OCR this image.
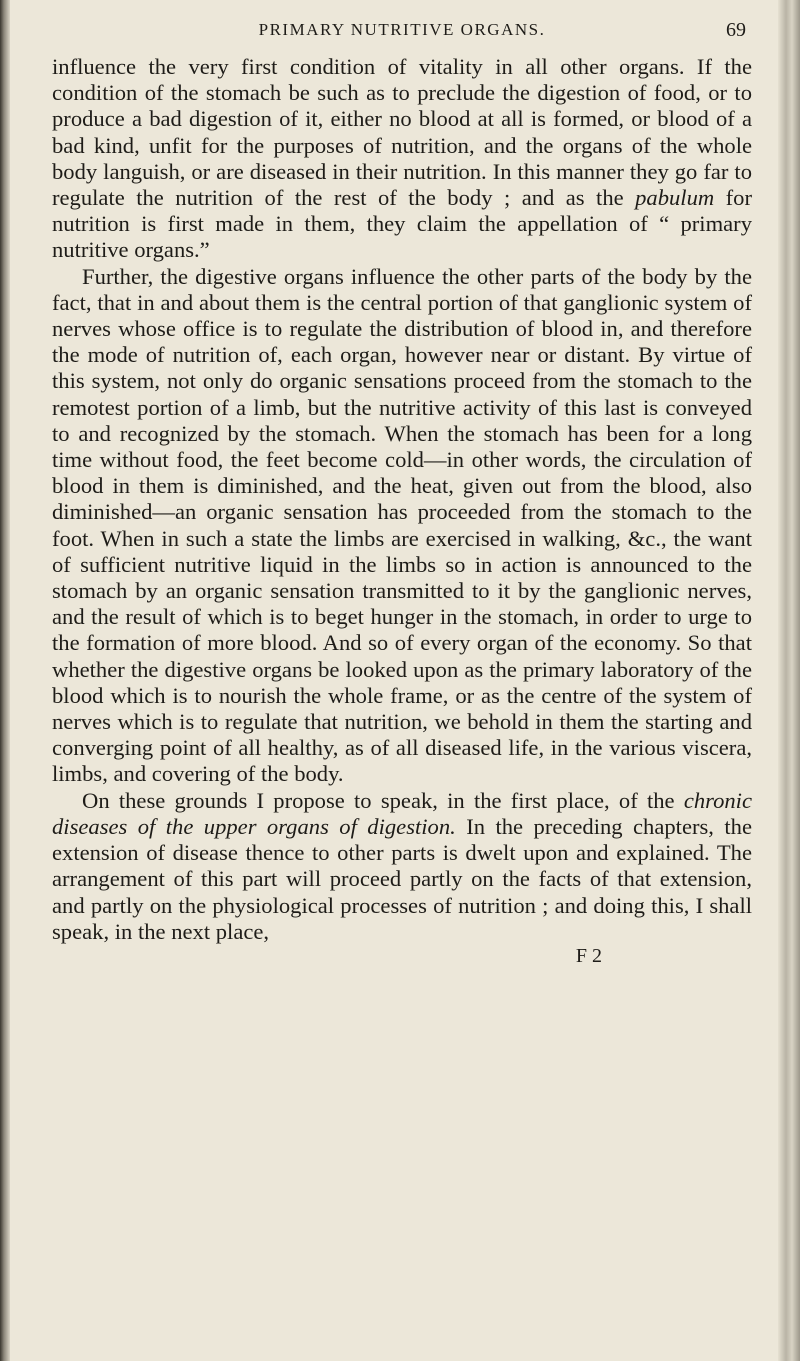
PRIMARY NUTRITIVE ORGANS.	69

influence the very first condition of vitality in all other organs. If the condition of the stomach be such as to preclude the digestion of food, or to produce a bad digestion of it, either no blood at all is formed, or blood of a bad kind, unfit for the purposes of nutrition, and the organs of the whole body languish, or are diseased in their nutrition. In this manner they go far to regulate the nutrition of the rest of the body ; and as the pabulum for nutrition is first made in them, they claim the appellation of “ primary nutritive organs.”

Further, the digestive organs influence the other parts of the body by the fact, that in and about them is the central portion of that ganglionic system of nerves whose office is to regulate the distribution of blood in, and therefore the mode of nutrition of, each organ, however near or distant. By virtue of this system, not only do organic sensations proceed from the stomach to the remotest portion of a limb, but the nutritive activity of this last is conveyed to and recognized by the stomach. When the stomach has been for a long time without food, the feet become cold—in other words, the circulation of blood in them is diminished, and the heat, given out from the blood, also diminished—an organic sensation has proceeded from the stomach to the foot. When in such a state the limbs are exercised in walking, &c., the want of sufficient nutritive liquid in the limbs so in action is announced to the stomach by an organic sensation transmitted to it by the ganglionic nerves, and the result of which is to beget hunger in the stomach, in order to urge to the formation of more blood. And so of every organ of the economy. So that whether the digestive organs be looked upon as the primary laboratory of the blood which is to nourish the whole frame, or as the centre of the system of nerves which is to regulate that nutrition, we behold in them the starting and converging point of all healthy, as of all diseased life, in the various viscera, limbs, and covering of the body.

On these grounds I propose to speak, in the first place, of the chronic diseases of the upper organs of digestion. In the preceding chapters, the extension of disease thence to other parts is dwelt upon and explained. The arrangement of this part will proceed partly on the facts of that extension, and partly on the physiological processes of nutrition ; and doing this, I shall speak, in the next place,

F 2
